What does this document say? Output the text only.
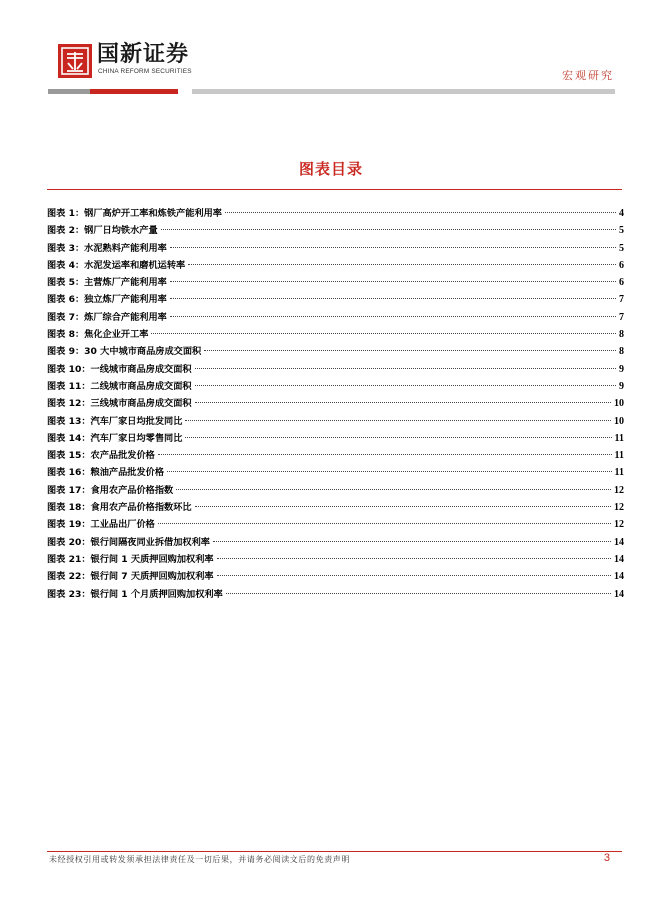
国新证券
CHINA REFORM SECURITIES	宏观研究
图表目录
图表 1：钢厂高炉开工率和炼铁产能利用率	4
图表 2：钢厂日均铁水产量	5
图表 3：水泥熟料产能利用率	5
图表 4：水泥发运率和磨机运转率	6
图表 5：主营炼厂产能利用率	6
图表 6：独立炼厂产能利用率	7
图表 7：炼厂综合产能利用率	7
图表 8：焦化企业开工率	8
图表 9：30 大中城市商品房成交面积	8
图表 10：一线城市商品房成交面积	9
图表 11：二线城市商品房成交面积	9
图表 12：三线城市商品房成交面积	10
图表 13：汽车厂家日均批发同比	10
图表 14：汽车厂家日均零售同比	11
图表 15：农产品批发价格	11
图表 16：粮油产品批发价格	11
图表 17：食用农产品价格指数	12
图表 18：食用农产品价格指数环比	12
图表 19：工业品出厂价格	12
图表 20：银行间隔夜同业拆借加权利率	14
图表 21：银行间 1 天质押回购加权利率	14
图表 22：银行间 7 天质押回购加权利率	14
图表 23：银行间 1 个月质押回购加权利率	14
未经授权引用或转发须承担法律责任及一切后果，并请务必阅读文后的免责声明	3
